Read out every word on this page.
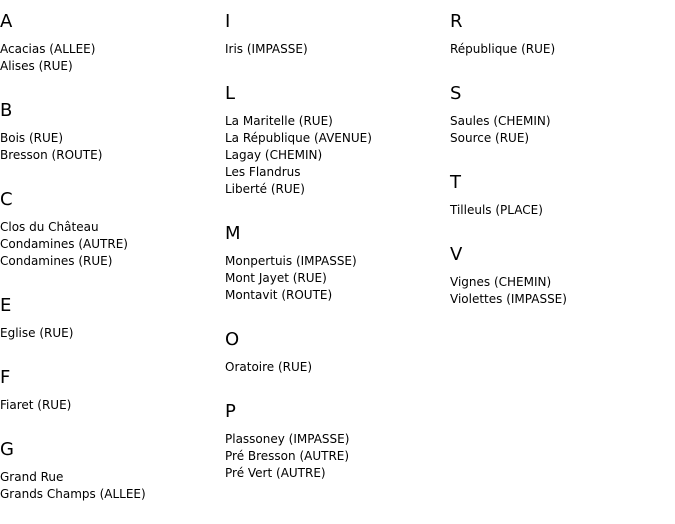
A
Acacias (ALLEE)
Alises (RUE)
B
Bois (RUE)
Bresson (ROUTE)
C
Clos du Château
Condamines (AUTRE)
Condamines (RUE)
E
Eglise (RUE)
F
Fiaret (RUE)
G
Grand Rue
Grands Champs (ALLEE)
I
Iris (IMPASSE)
L
La Maritelle (RUE)
La République (AVENUE)
Lagay (CHEMIN)
Les Flandrus
Liberté (RUE)
M
Monpertuis (IMPASSE)
Mont Jayet (RUE)
Montavit (ROUTE)
O
Oratoire (RUE)
P
Plassoney (IMPASSE)
Pré Bresson (AUTRE)
Pré Vert (AUTRE)
R
République (RUE)
S
Saules (CHEMIN)
Source (RUE)
T
Tilleuls (PLACE)
V
Vignes (CHEMIN)
Violettes (IMPASSE)
